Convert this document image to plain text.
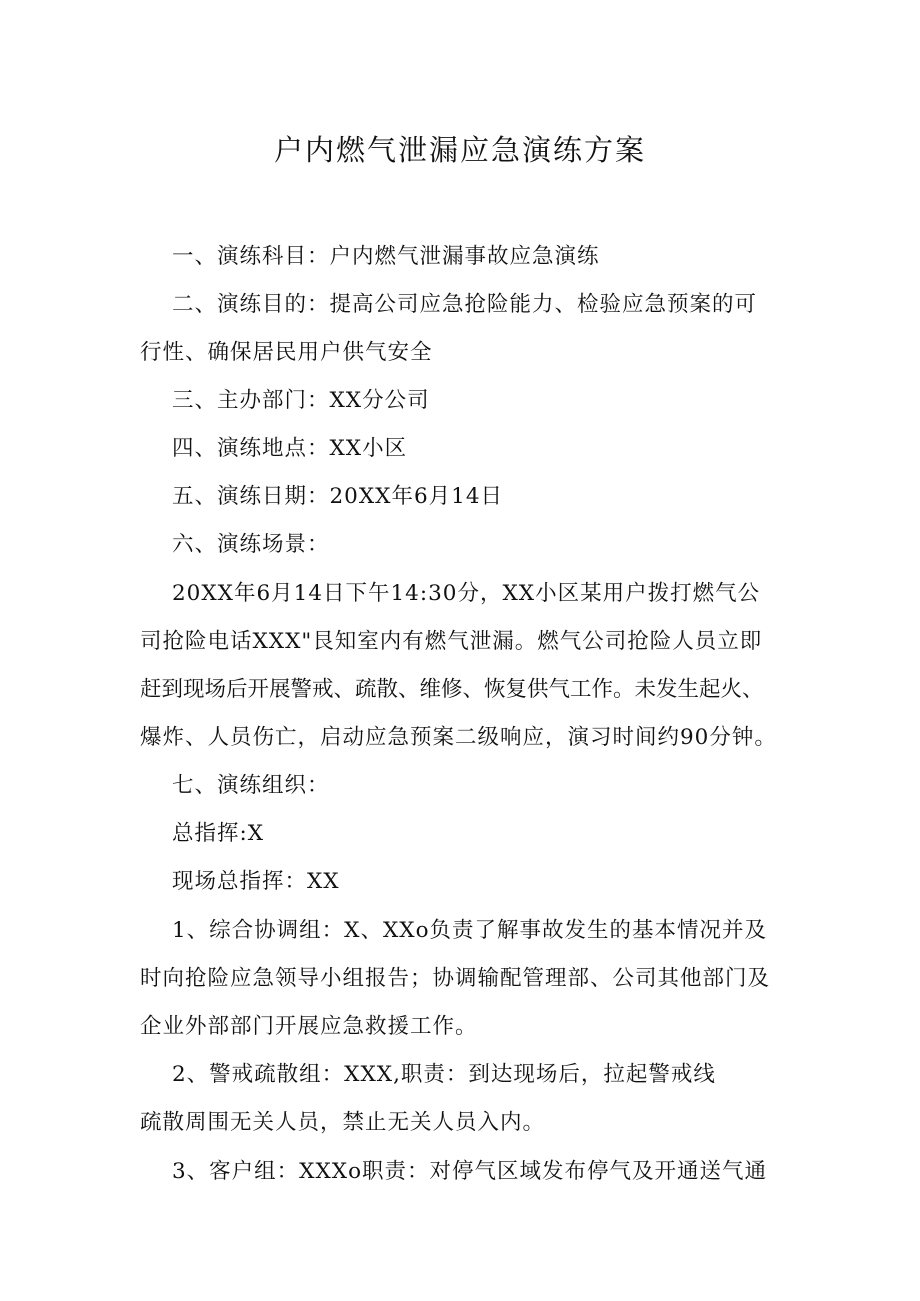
户内燃气泄漏应急演练方案
一、演练科目：户内燃气泄漏事故应急演练
二、演练目的：提高公司应急抢险能力、检验应急预案的可
行性、确保居民用户供气安全
三、主办部门：XX分公司
四、演练地点：XX小区
五、演练日期：20XX年6月14日
六、演练场景：
20XX年6月14日下午14:30分，XX小区某用户拨打燃气公
司抢险电话XXX"艮知室内有燃气泄漏。燃气公司抢险人员立即
赶到现场后开展警戒、疏散、维修、恢复供气工作。未发生起火、
爆炸、人员伤亡，启动应急预案二级响应，演习时间约90分钟。
七、演练组织：
总指挥:X
现场总指挥：XX
1、综合协调组：X、XXo负责了解事故发生的基本情况并及
时向抢险应急领导小组报告；协调输配管理部、公司其他部门及
企业外部部门开展应急救援工作。
2、警戒疏散组：XXX,职责：到达现场后，拉起警戒线
疏散周围无关人员，禁止无关人员入内。
3、客户组：XXXo职责：对停气区域发布停气及开通送气通
